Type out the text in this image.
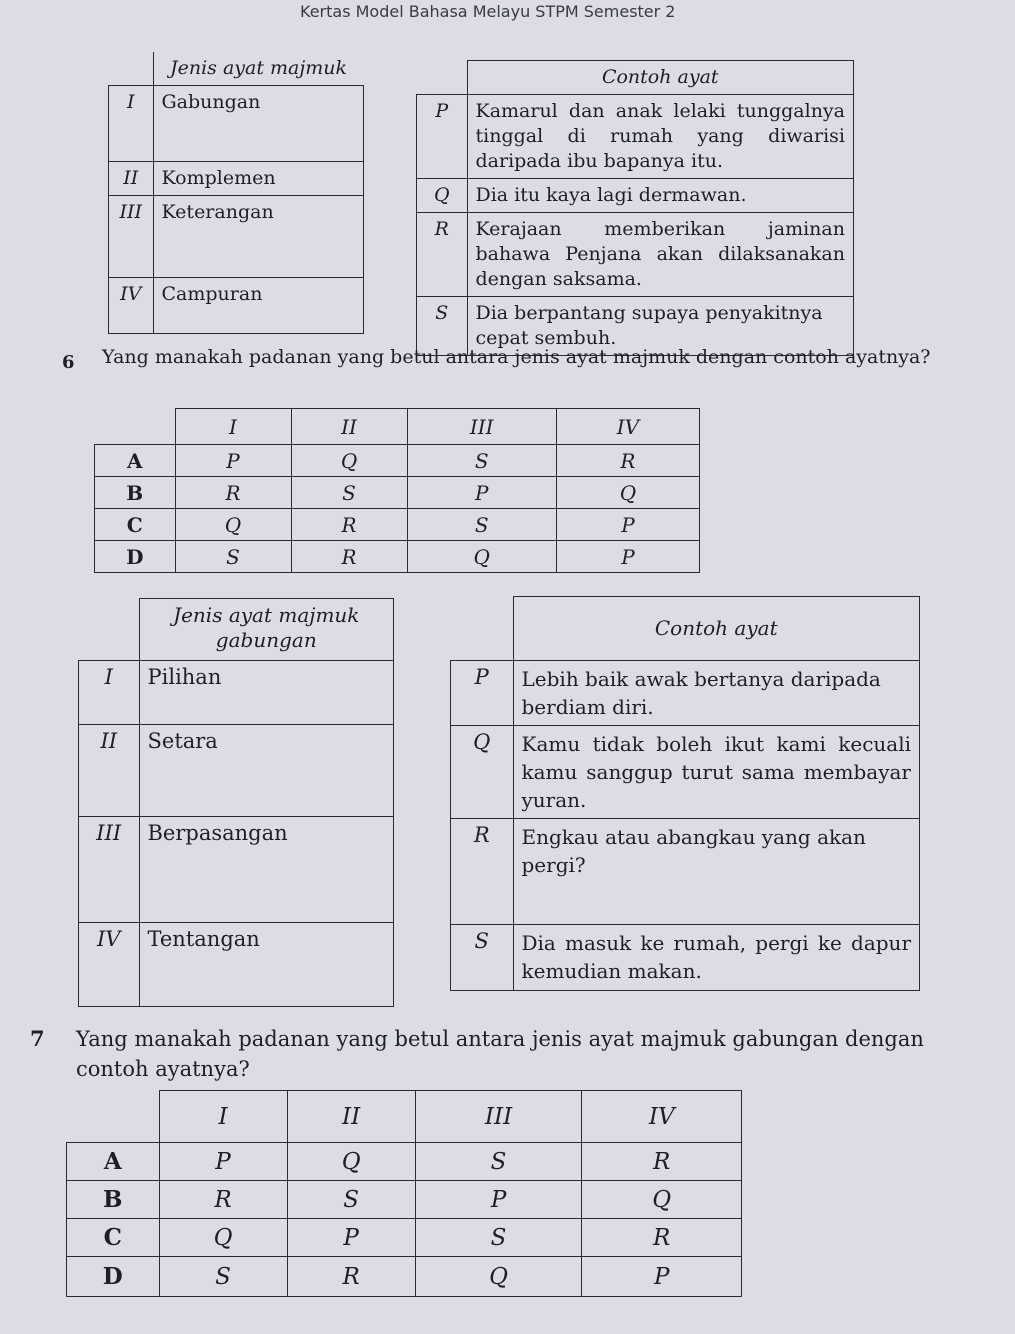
Kertas Model Bahasa Melayu STPM Semester 2
	Jenis ayat majmuk
I	Gabungan
II	Komplemen
III	Keterangan
IV	Campuran
	Contoh ayat
P	Kamarul dan anak lelaki tunggalnya tinggal di rumah yang diwarisi daripada ibu bapanya itu.
Q	Dia itu kaya lagi dermawan.
R	Kerajaan memberikan jaminan bahawa Penjana akan dilaksanakan dengan saksama.
S	Dia berpantang supaya penyakitnya cepat sembuh.
6 Yang manakah padanan yang betul antara jenis ayat majmuk dengan contoh ayatnya?
	I	II	III	IV
A	P	Q	S	R
B	R	S	P	Q
C	Q	R	S	P
D	S	R	Q	P
	Jenis ayat majmuk gabungan
I	Pilihan
II	Setara
III	Berpasangan
IV	Tentangan
	Contoh ayat
P	Lebih baik awak bertanya daripada berdiam diri.
Q	Kamu tidak boleh ikut kami kecuali kamu sanggup turut sama membayar yuran.
R	Engkau atau abangkau yang akan pergi?
S	Dia masuk ke rumah, pergi ke dapur kemudian makan.
7 Yang manakah padanan yang betul antara jenis ayat majmuk gabungan dengan contoh ayatnya?
	I	II	III	IV
A	P	Q	S	R
B	R	S	P	Q
C	Q	P	S	R
D	S	R	Q	P
